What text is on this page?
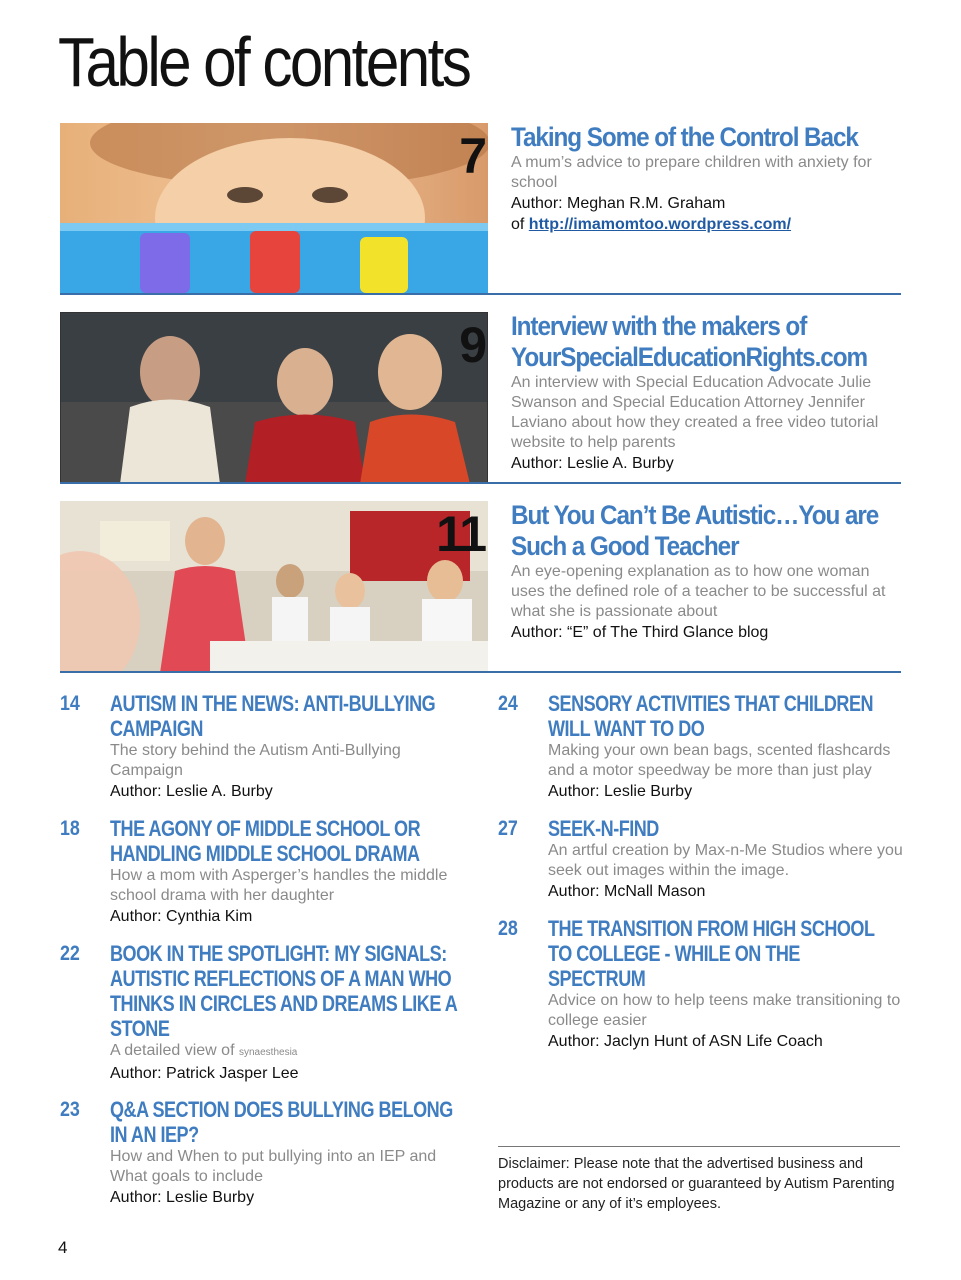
Table of contents
7 Taking Some of the Control Back
A mum’s advice to prepare children with anxiety for school
Author: Meghan R.M. Graham
of http://imamomtoo.wordpress.com/
9 Interview with the makers of YourSpecialEducationRights.com
An interview with Special Education Advocate Julie Swanson and Special Education Attorney Jennifer Laviano about how they created a free video tutorial website to help parents
Author: Leslie A. Burby
11 But You Can’t Be Autistic…You are Such a Good Teacher
An eye-opening explanation as to how one woman uses the defined role of a teacher to be successful at what she is passionate about
Author: “E” of The Third Glance blog
14 AUTISM IN THE NEWS: ANTI-BULLYING CAMPAIGN
The story behind the Autism Anti-Bullying Campaign
Author: Leslie A. Burby
18 THE AGONY OF MIDDLE SCHOOL OR HANDLING MIDDLE SCHOOL DRAMA
How a mom with Asperger’s handles the middle school drama with her daughter
Author: Cynthia Kim
22 BOOK IN THE SPOTLIGHT: MY SIGNALS: AUTISTIC REFLECTIONS OF A MAN WHO THINKS IN CIRCLES AND DREAMS LIKE A STONE
A detailed view of synaesthesia
Author: Patrick Jasper Lee
23 Q&A SECTION DOES BULLYING BELONG IN AN IEP?
How and When to put bullying into an IEP and What goals to include
Author: Leslie Burby
24 SENSORY ACTIVITIES THAT CHILDREN WILL WANT TO DO
Making your own bean bags, scented flashcards and a motor speedway be more than just play
Author: Leslie Burby
27 SEEK-N-FIND
An artful creation by Max-n-Me Studios where you seek out images within the image.
Author: McNall Mason
28 THE TRANSITION FROM HIGH SCHOOL TO COLLEGE - WHILE ON THE SPECTRUM
Advice on how to help teens make transitioning to college easier
Author: Jaclyn Hunt of ASN Life Coach
Disclaimer: Please note that the advertised business and products are not endorsed or guaranteed by Autism Parenting Magazine or any of it’s employees.
4
